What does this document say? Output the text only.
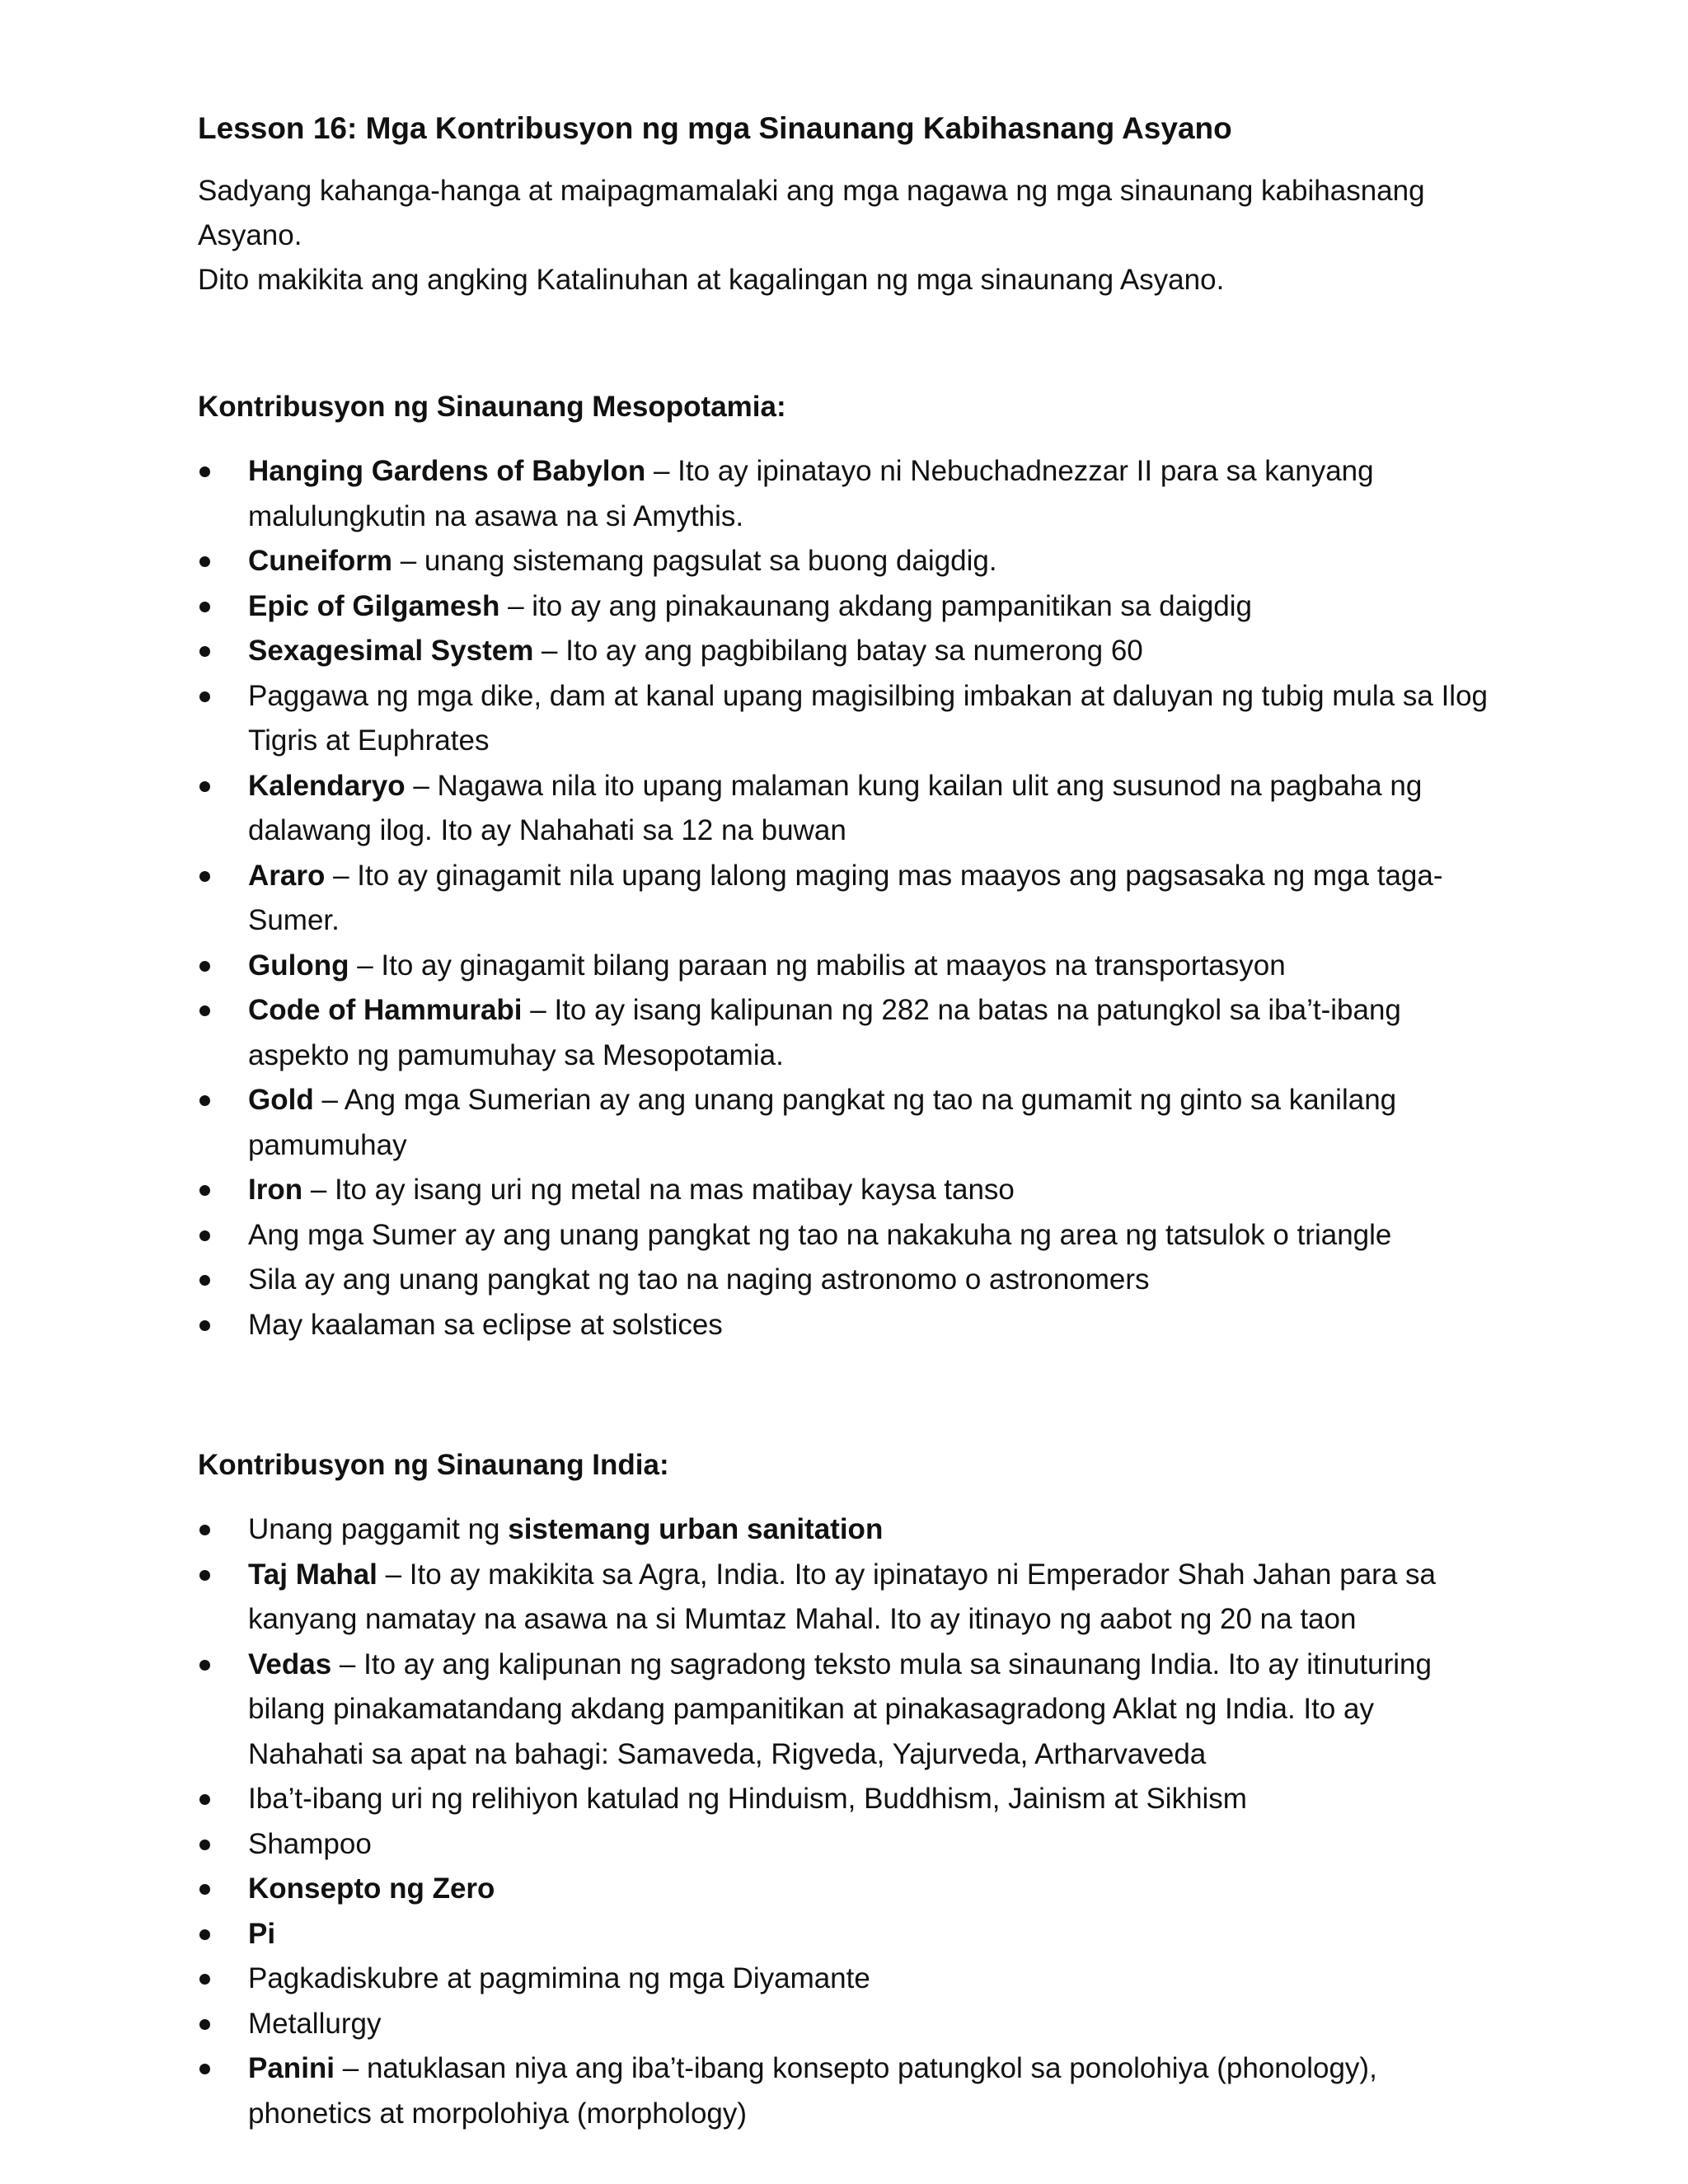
Lesson 16: Mga Kontribusyon ng mga Sinaunang Kabihasnang Asyano

Sadyang kahanga-hanga at maipagmamalaki ang mga nagawa ng mga sinaunang kabihasnang Asyano.
Dito makikita ang angking Katalinuhan at kagalingan ng mga sinaunang Asyano.

Kontribusyon ng Sinaunang Mesopotamia:
Hanging Gardens of Babylon – Ito ay ipinatayo ni Nebuchadnezzar II para sa kanyang malulungkutin na asawa na si Amythis.
Cuneiform – unang sistemang pagsulat sa buong daigdig.
Epic of Gilgamesh – ito ay ang pinakaunang akdang pampanitikan sa daigdig
Sexagesimal System – Ito ay ang pagbibilang batay sa numerong 60
Paggawa ng mga dike, dam at kanal upang magisilbing imbakan at daluyan ng tubig mula sa Ilog Tigris at Euphrates
Kalendaryo – Nagawa nila ito upang malaman kung kailan ulit ang susunod na pagbaha ng dalawang ilog. Ito ay Nahahati sa 12 na buwan
Araro – Ito ay ginagamit nila upang lalong maging mas maayos ang pagsasaka ng mga taga-Sumer.
Gulong – Ito ay ginagamit bilang paraan ng mabilis at maayos na transportasyon
Code of Hammurabi – Ito ay isang kalipunan ng 282 na batas na patungkol sa iba’t-ibang aspekto ng pamumuhay sa Mesopotamia.
Gold – Ang mga Sumerian ay ang unang pangkat ng tao na gumamit ng ginto sa kanilang pamumuhay
Iron – Ito ay isang uri ng metal na mas matibay kaysa tanso
Ang mga Sumer ay ang unang pangkat ng tao na nakakuha ng area ng tatsulok o triangle
Sila ay ang unang pangkat ng tao na naging astronomo o astronomers
May kaalaman sa eclipse at solstices
Kontribusyon ng Sinaunang India:
Unang paggamit ng sistemang urban sanitation
Taj Mahal – Ito ay makikita sa Agra, India. Ito ay ipinatayo ni Emperador Shah Jahan para sa kanyang namatay na asawa na si Mumtaz Mahal. Ito ay itinayo ng aabot ng 20 na taon
Vedas – Ito ay ang kalipunan ng sagradong teksto mula sa sinaunang India. Ito ay itinuturing bilang pinakamatandang akdang pampanitikan at pinakasagradong Aklat ng India. Ito ay Nahahati sa apat na bahagi: Samaveda, Rigveda, Yajurveda, Artharvaveda
Iba’t-ibang uri ng relihiyon katulad ng Hinduism, Buddhism, Jainism at Sikhism
Shampoo
Konsepto ng Zero
Pi
Pagkadiskubre at pagmimina ng mga Diyamante
Metallurgy
Panini – natuklasan niya ang iba’t-ibang konsepto patungkol sa ponolohiya (phonology), phonetics at morpolohiya (morphology)
